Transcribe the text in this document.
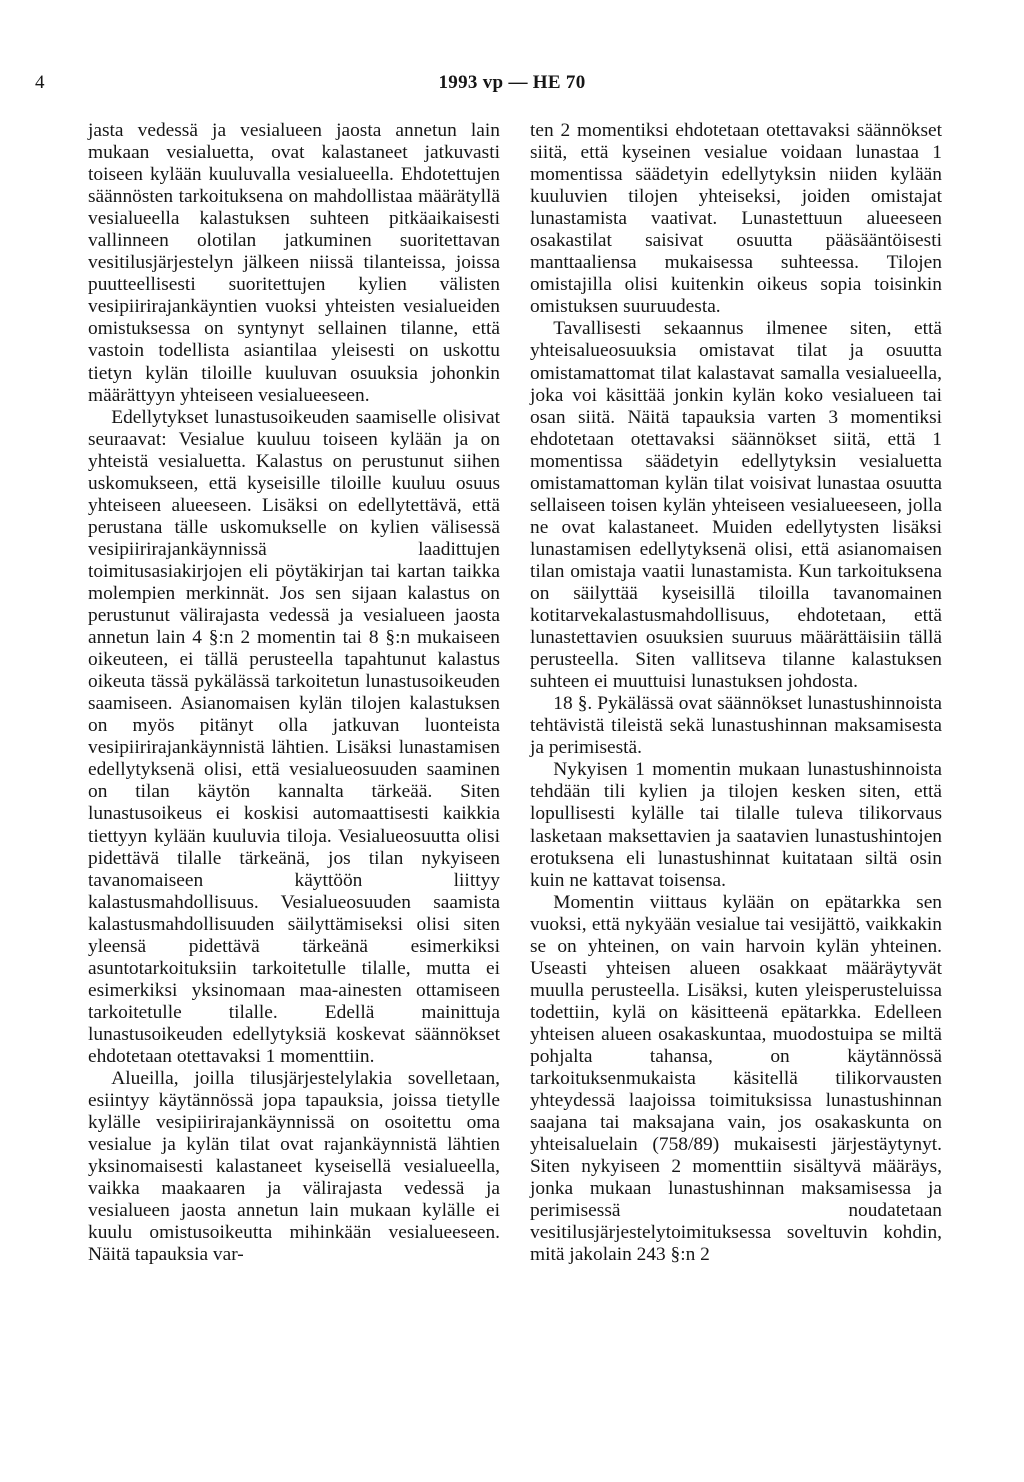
4	1993 vp — HE 70

jasta vedessä ja vesialueen jaosta annetun lain mukaan vesialuetta, ovat kalastaneet jatkuvasti toiseen kylään kuuluvalla vesialueella. Ehdotettujen säännösten tarkoituksena on mahdollistaa määrätyllä vesialueella kalastuksen suhteen pitkäaikaisesti vallinneen olotilan jatkuminen suoritettavan vesitilusjärjestelyn jälkeen niissä tilanteissa, joissa puutteellisesti suoritettujen kylien välisten vesipiirirajankäyntien vuoksi yhteisten vesialueiden omistuksessa on syntynyt sellainen tilanne, että vastoin todellista asiantilaa yleisesti on uskottu tietyn kylän tiloille kuuluvan osuuksia johonkin määrättyyn yhteiseen vesialueeseen.

Edellytykset lunastusoikeuden saamiselle olisivat seuraavat: Vesialue kuuluu toiseen kylään ja on yhteistä vesialuetta. Kalastus on perustunut siihen uskomukseen, että kyseisille tiloille kuuluu osuus yhteiseen alueeseen. Lisäksi on edellytettävä, että perustana tälle uskomukselle on kylien välisessä vesipiirirajankäynnissä laadittujen toimitusasiakirjojen eli pöytäkirjan tai kartan taikka molempien merkinnät. Jos sen sijaan kalastus on perustunut välirajasta vedessä ja vesialueen jaosta annetun lain 4 §:n 2 momentin tai 8 §:n mukaiseen oikeuteen, ei tällä perusteella tapahtunut kalastus oikeuta tässä pykälässä tarkoitetun lunastusoikeuden saamiseen. Asianomaisen kylän tilojen kalastuksen on myös pitänyt olla jatkuvan luonteista vesipiirirajankäynnistä lähtien. Lisäksi lunastamisen edellytyksenä olisi, että vesialueosuuden saaminen on tilan käytön kannalta tärkeää. Siten lunastusoikeus ei koskisi automaattisesti kaikkia tiettyyn kylään kuuluvia tiloja. Vesialueosuutta olisi pidettävä tilalle tärkeänä, jos tilan nykyiseen tavanomaiseen käyttöön liittyy kalastusmahdollisuus. Vesialueosuuden saamista kalastusmahdollisuuden säilyttämiseksi olisi siten yleensä pidettävä tärkeänä esimerkiksi asuntotarkoituksiin tarkoitetulle tilalle, mutta ei esimerkiksi yksinomaan maa-ainesten ottamiseen tarkoitetulle tilalle. Edellä mainittuja lunastusoikeuden edellytyksiä koskevat säännökset ehdotetaan otettavaksi 1 momenttiin.

Alueilla, joilla tilusjärjestelylakia sovelletaan, esiintyy käytännössä jopa tapauksia, joissa tietylle kylälle vesipiirirajankäynnissä on osoitettu oma vesialue ja kylän tilat ovat rajankäynnistä lähtien yksinomaisesti kalastaneet kyseisellä vesialueella, vaikka maakaaren ja välirajasta vedessä ja vesialueen jaosta annetun lain mukaan kylälle ei kuulu omistusoikeutta mihinkään vesialueeseen. Näitä tapauksia var-

ten 2 momentiksi ehdotetaan otettavaksi säännökset siitä, että kyseinen vesialue voidaan lunastaa 1 momentissa säädetyin edellytyksin niiden kylään kuuluvien tilojen yhteiseksi, joiden omistajat lunastamista vaativat. Lunastettuun alueeseen osakastilat saisivat osuutta pääsääntöisesti manttaaliensa mukaisessa suhteessa. Tilojen omistajilla olisi kuitenkin oikeus sopia toisinkin omistuksen suuruudesta.

Tavallisesti sekaannus ilmenee siten, että yhteisalueosuuksia omistavat tilat ja osuutta omistamattomat tilat kalastavat samalla vesialueella, joka voi käsittää jonkin kylän koko vesialueen tai osan siitä. Näitä tapauksia varten 3 momentiksi ehdotetaan otettavaksi säännökset siitä, että 1 momentissa säädetyin edellytyksin vesialuetta omistamattoman kylän tilat voisivat lunastaa osuutta sellaiseen toisen kylän yhteiseen vesialueeseen, jolla ne ovat kalastaneet. Muiden edellytysten lisäksi lunastamisen edellytyksenä olisi, että asianomaisen tilan omistaja vaatii lunastamista. Kun tarkoituksena on säilyttää kyseisillä tiloilla tavanomainen kotitarvekalastusmahdollisuus, ehdotetaan, että lunastettavien osuuksien suuruus määrättäisiin tällä perusteella. Siten vallitseva tilanne kalastuksen suhteen ei muuttuisi lunastuksen johdosta.

18 §. Pykälässä ovat säännökset lunastushinnoista tehtävistä tileistä sekä lunastushinnan maksamisesta ja perimisestä.

Nykyisen 1 momentin mukaan lunastushinnoista tehdään tili kylien ja tilojen kesken siten, että lopullisesti kylälle tai tilalle tuleva tilikorvaus lasketaan maksettavien ja saatavien lunastushintojen erotuksena eli lunastushinnat kuitataan siltä osin kuin ne kattavat toisensa.

Momentin viittaus kylään on epätarkka sen vuoksi, että nykyään vesialue tai vesijättö, vaikkakin se on yhteinen, on vain harvoin kylän yhteinen. Useasti yhteisen alueen osakkaat määräytyvät muulla perusteella. Lisäksi, kuten yleisperusteluissa todettiin, kylä on käsitteenä epätarkka. Edelleen yhteisen alueen osakaskuntaa, muodostuipa se miltä pohjalta tahansa, on käytännössä tarkoituksenmukaista käsitellä tilikorvausten yhteydessä laajoissa toimituksissa lunastushinnan saajana tai maksajana vain, jos osakaskunta on yhteisaluelain (758/89) mukaisesti järjestäytynyt. Siten nykyiseen 2 momenttiin sisältyvä määräys, jonka mukaan lunastushinnan maksamisessa ja perimisessä noudatetaan vesitilusjärjestelytoimituksessa soveltuvin kohdin, mitä jakolain 243 §:n 2
